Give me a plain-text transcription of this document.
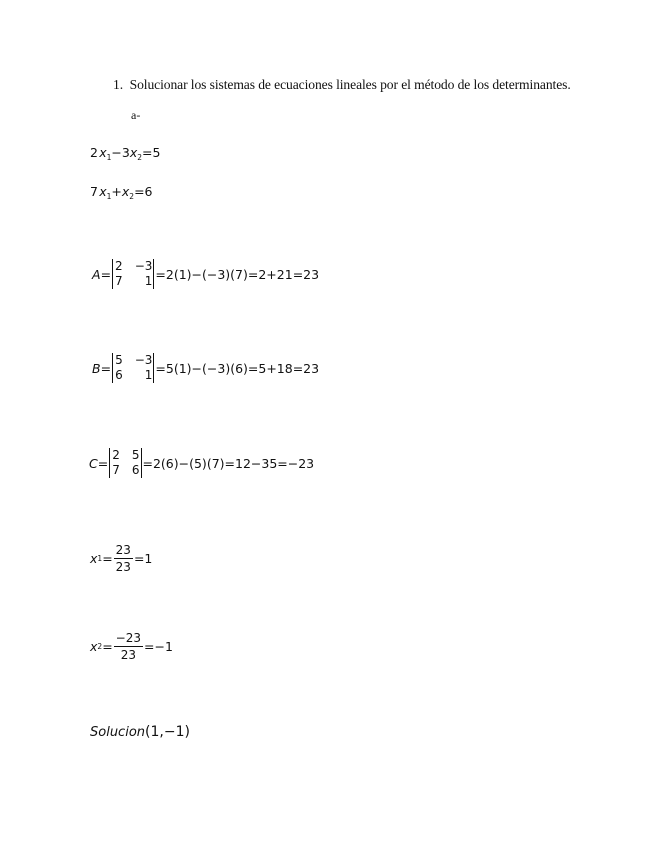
1. Solucionar los sistemas de ecuaciones lineales por el método de los determinantes.
a-
2 $x_1-3x_2=5$
7 $x_1+x_2=6$
A =
2 −3
7	1 =2(1)−(−3)(7)=2+21=23
B =
5 −3
6	1 =5(1)−(−3)(6)=5+18=23
C =
2 5
7 6 =2(6)−(5)(7)=12−35=−23
x $1 = \frac{23}{23} =1$
x $2 = \frac{-23}{23} =-1$
Solucion(1,−1)
